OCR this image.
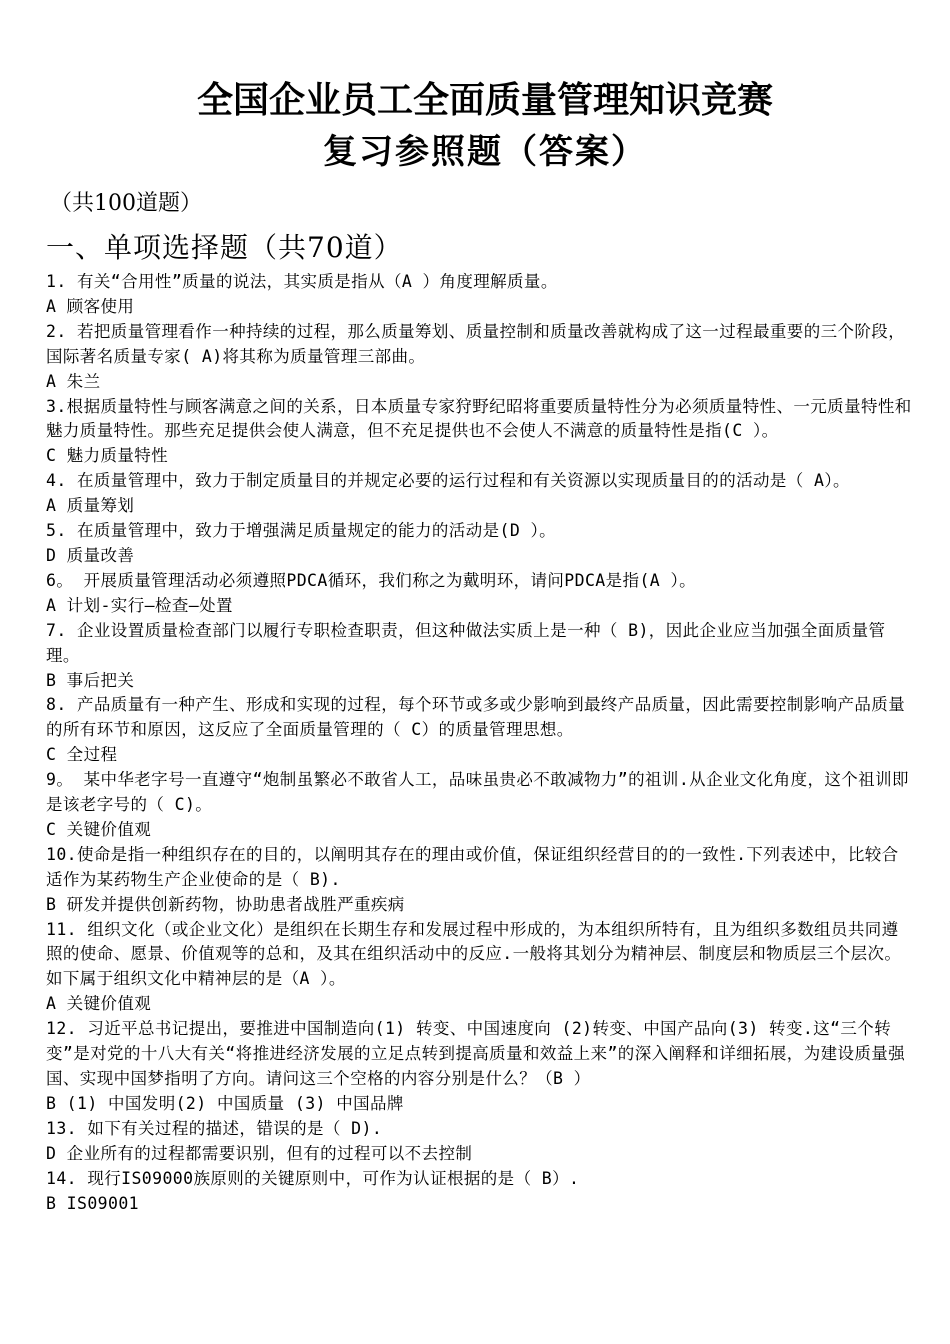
全国企业员工全面质量管理知识竞赛
复习参照题（答案）
（共100道题）
一、单项选择题（共70道）

1. 有关“合用性”质量的说法，其实质是指从（A ）角度理解质量。

A 顾客使用

2. 若把质量管理看作一种持续的过程，那么质量筹划、质量控制和质量改善就构成了这一过程最重要的三个阶段，国际著名质量专家( A)将其称为质量管理三部曲。

A 朱兰

3.根据质量特性与顾客满意之间的关系，日本质量专家狩野纪昭将重要质量特性分为必须质量特性、一元质量特性和魅力质量特性。那些充足提供会使人满意，但不充足提供也不会使人不满意的质量特性是指(C ）。

C 魅力质量特性

4. 在质量管理中，致力于制定质量目的并规定必要的运行过程和有关资源以实现质量目的的活动是（ A）。

A 质量筹划

5. 在质量管理中，致力于增强满足质量规定的能力的活动是(D ）。

D 质量改善

6。 开展质量管理活动必须遵照PDCA循环，我们称之为戴明环，请问PDCA是指(A ）。

A 计划-实行—检查—处置

7. 企业设置质量检查部门以履行专职检查职责，但这种做法实质上是一种（ B)，因此企业应当加强全面质量管理。

B 事后把关

8. 产品质量有一种产生、形成和实现的过程，每个环节或多或少影响到最终产品质量，因此需要控制影响产品质量的所有环节和原因，这反应了全面质量管理的（ C）的质量管理思想。

C 全过程

9。 某中华老字号一直遵守“炮制虽繁必不敢省人工，品味虽贵必不敢减物力”的祖训.从企业文化角度，这个祖训即是该老字号的（ C)。

C 关键价值观

10.使命是指一种组织存在的目的，以阐明其存在的理由或价值，保证组织经营目的的一致性.下列表述中，比较合适作为某药物生产企业使命的是（ B).

B 研发并提供创新药物，协助患者战胜严重疾病

11. 组织文化（或企业文化）是组织在长期生存和发展过程中形成的，为本组织所特有，且为组织多数组员共同遵照的使命、愿景、价值观等的总和，及其在组织活动中的反应.一般将其划分为精神层、制度层和物质层三个层次。如下属于组织文化中精神层的是（A ）。

A 关键价值观

12. 习近平总书记提出，要推进中国制造向(1) 转变、中国速度向 (2)转变、中国产品向(3) 转变.这“三个转变”是对党的十八大有关“将推进经济发展的立足点转到提高质量和效益上来”的深入阐释和详细拓展，为建设质量强国、实现中国梦指明了方向。请问这三个空格的内容分别是什么？（B ）

B (1) 中国发明(2) 中国质量 (3) 中国品牌

13. 如下有关过程的描述，错误的是（ D).

D 企业所有的过程都需要识别，但有的过程可以不去控制

14. 现行IS09000族原则的关键原则中，可作为认证根据的是（ B）.

B IS09001
